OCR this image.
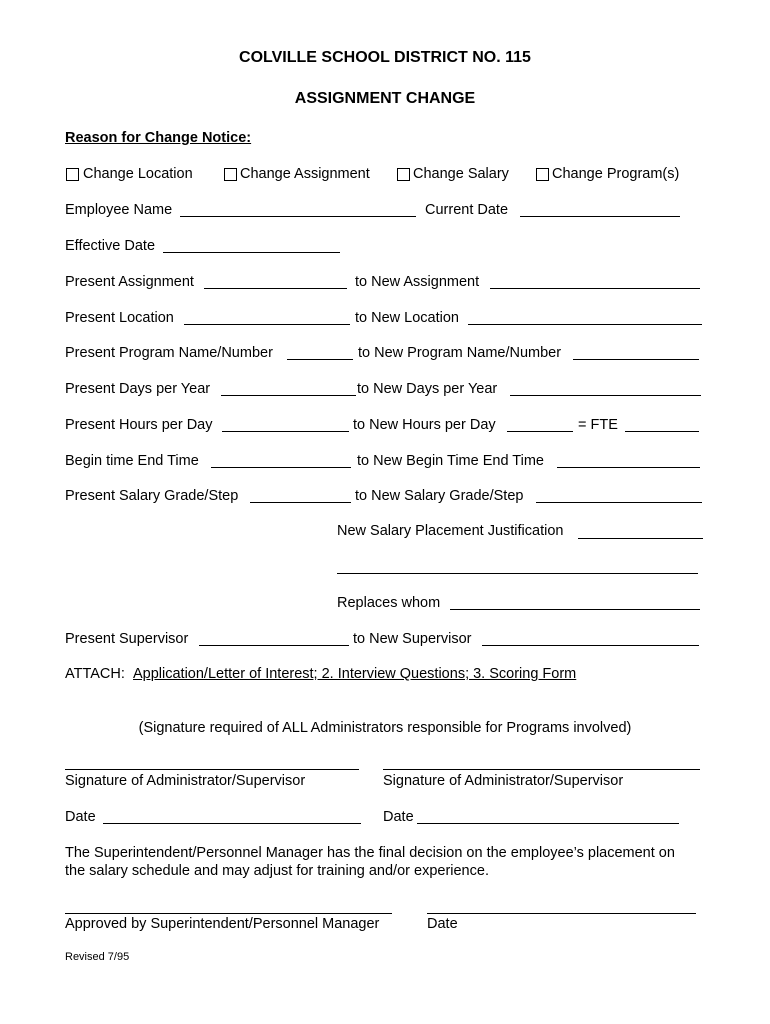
COLVILLE SCHOOL DISTRICT NO. 115
ASSIGNMENT CHANGE
Reason for Change Notice:
Change Location	Change Assignment	Change Salary	Change Program(s)
Employee Name	Current Date
Effective Date
Present Assignment	to New Assignment
Present Location	to New Location
Present Program Name/Number	to New Program Name/Number
Present Days per Year	to New Days per Year
Present Hours per Day	to New Hours per Day	= FTE
Begin time End Time	to New Begin Time End Time
Present Salary Grade/Step	to New Salary Grade/Step
New Salary Placement Justification
Replaces whom
Present Supervisor	to New Supervisor
ATTACH: Application/Letter of Interest; 2. Interview Questions; 3. Scoring Form
(Signature required of ALL Administrators responsible for Programs involved)
Signature of Administrator/Supervisor	Signature of Administrator/Supervisor
Date	Date
The Superintendent/Personnel Manager has the final decision on the employee’s placement on
the salary schedule and may adjust for training and/or experience.
Approved by Superintendent/Personnel Manager	Date
Revised 7/95
